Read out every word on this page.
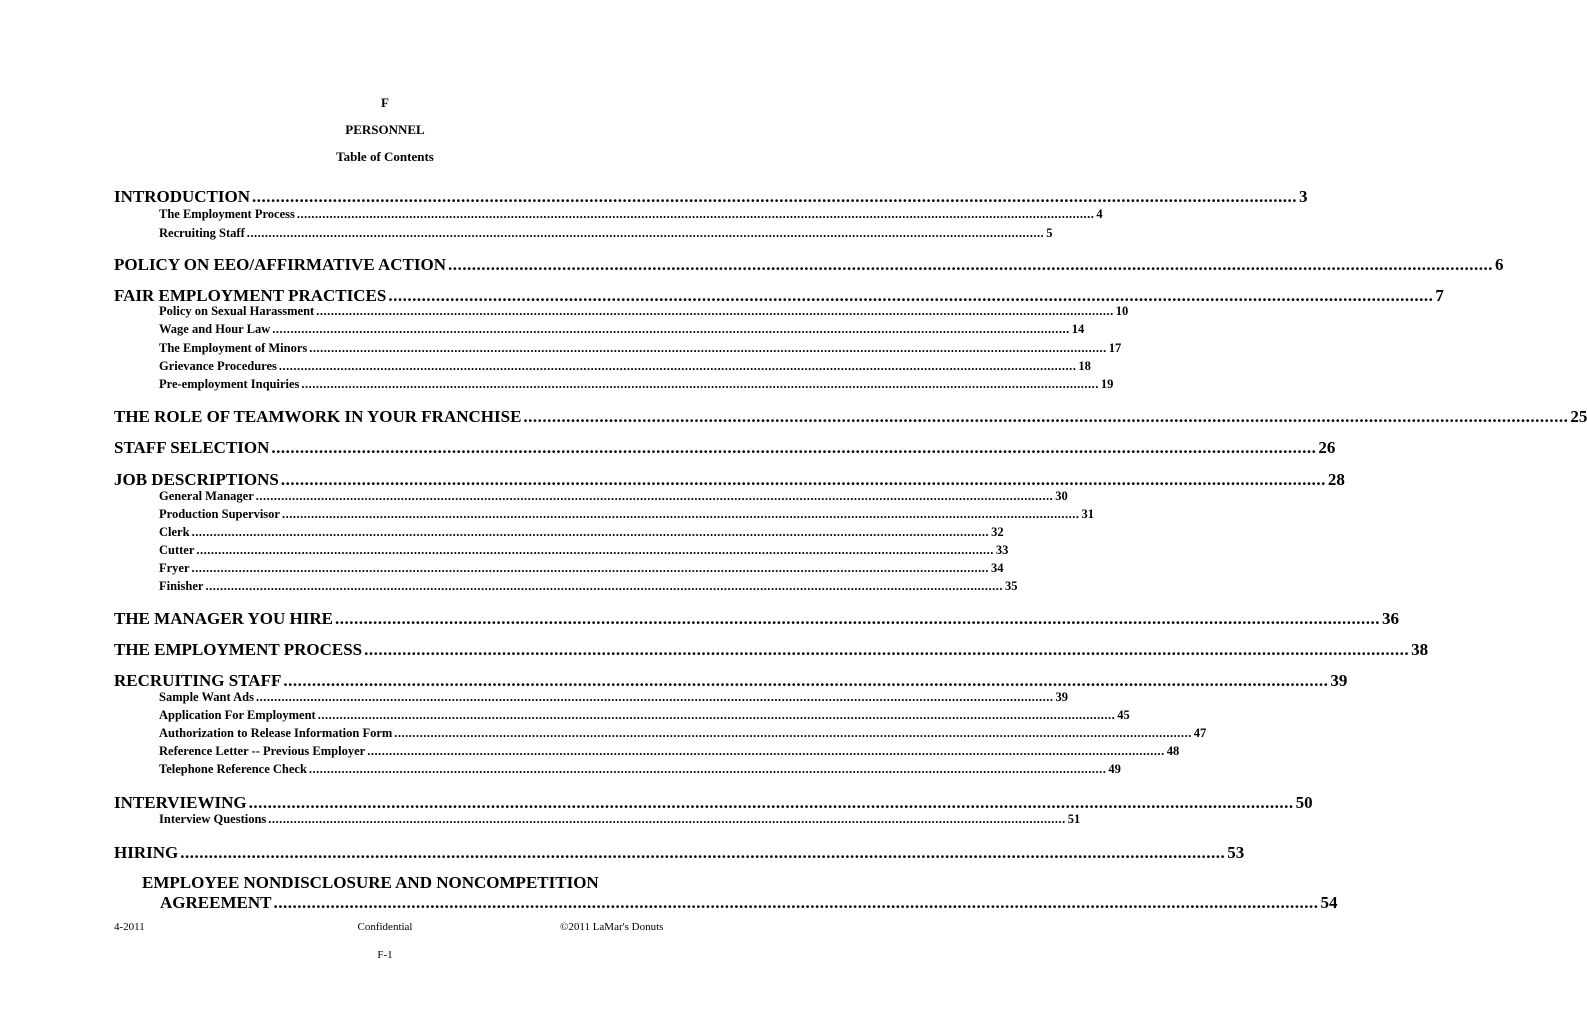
F
PERSONNEL
Table of Contents
INTRODUCTION ............................................................................................................................................................................................................................ 3
The Employment Process ............................................................................................................................................................................................................................ 4
Recruiting Staff ............................................................................................................................................................................................................................ 5
POLICY ON EEO/AFFIRMATIVE ACTION ............................................................................................................................................................................................................................ 6
FAIR EMPLOYMENT PRACTICES ............................................................................................................................................................................................................................ 7
Policy on Sexual Harassment ............................................................................................................................................................................................................................ 10
Wage and Hour Law ............................................................................................................................................................................................................................ 14
The Employment of Minors ............................................................................................................................................................................................................................ 17
Grievance Procedures ............................................................................................................................................................................................................................ 18
Pre-employment Inquiries ............................................................................................................................................................................................................................ 19
THE ROLE OF TEAMWORK IN YOUR FRANCHISE ............................................................................................................................................................................................................................ 25
STAFF SELECTION ............................................................................................................................................................................................................................ 26
JOB DESCRIPTIONS ............................................................................................................................................................................................................................ 28
General Manager ............................................................................................................................................................................................................................ 30
Production Supervisor ............................................................................................................................................................................................................................ 31
Clerk ............................................................................................................................................................................................................................ 32
Cutter ............................................................................................................................................................................................................................ 33
Fryer ............................................................................................................................................................................................................................ 34
Finisher ............................................................................................................................................................................................................................ 35
THE MANAGER YOU HIRE ............................................................................................................................................................................................................................ 36
THE EMPLOYMENT PROCESS ............................................................................................................................................................................................................................ 38
RECRUITING STAFF ............................................................................................................................................................................................................................ 39
Sample Want Ads ............................................................................................................................................................................................................................ 39
Application For Employment ............................................................................................................................................................................................................................ 45
Authorization to Release Information Form ............................................................................................................................................................................................................................ 47
Reference Letter -- Previous Employer ............................................................................................................................................................................................................................ 48
Telephone Reference Check ............................................................................................................................................................................................................................ 49
INTERVIEWING ............................................................................................................................................................................................................................ 50
Interview Questions ............................................................................................................................................................................................................................ 51
HIRING ............................................................................................................................................................................................................................ 53
EMPLOYEE NONDISCLOSURE AND NONCOMPETITION
AGREEMENT ............................................................................................................................................................................................................................ 54
4-2011	Confidential	©2011 LaMar's Donuts
F-1
